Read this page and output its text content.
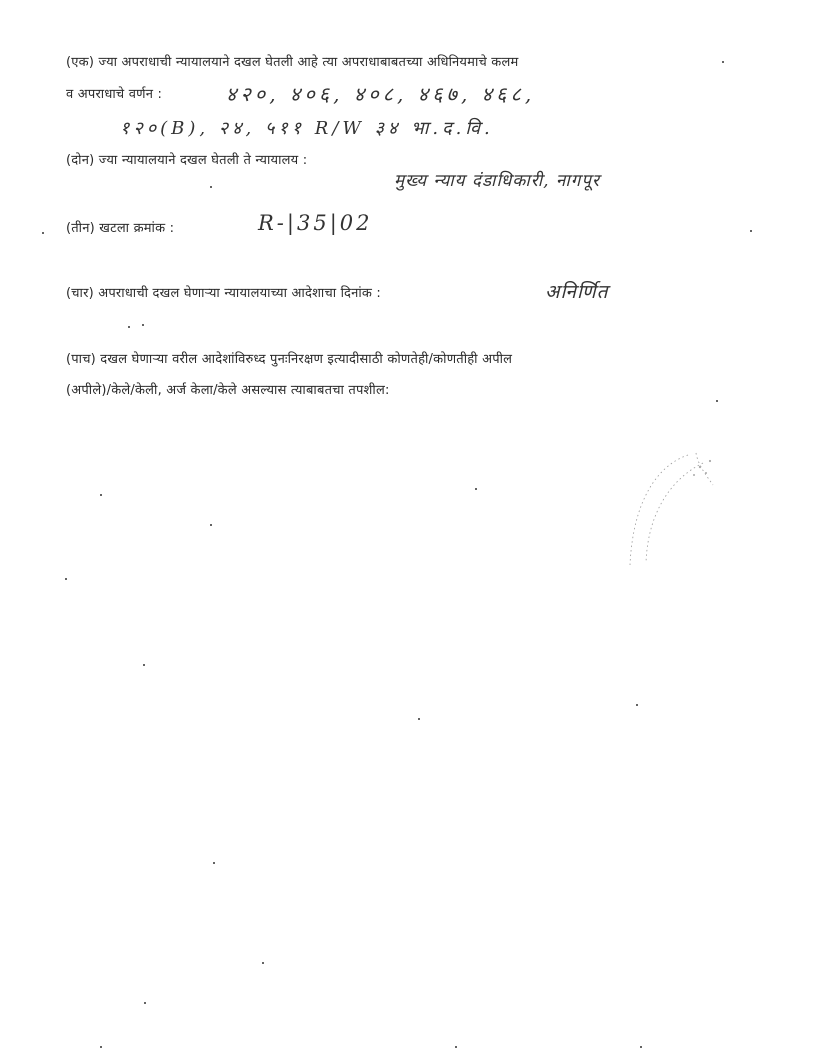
(एक) ज्या अपराधाची न्यायालयाने दखल घेतली आहे त्या अपराधाबाबतच्या अधिनियमाचे कलम
व अपराधाचे वर्णन :	४२०, ४०६, ४०८, ४६७, ४६८,
१२०(B), २४, ५११ R/W ३४ भा.द.वि.
(दोन) ज्या न्यायालयाने दखल घेतली ते न्यायालय :
मुख्य न्याय दंडाधिकारी, नागपूर
(तीन) खटला क्रमांक :	R-|35|02
(चार) अपराधाची दखल घेणाऱ्या न्यायालयाच्या आदेशाचा दिनांक :	अनिर्णित
(पाच) दखल घेणाऱ्या वरील आदेशांविरुध्द पुनःनिरक्षण इत्यादीसाठी कोणतेही/कोणतीही अपील
(अपीले)/केले/केली, अर्ज केला/केले असल्यास त्याबाबतचा तपशील:
